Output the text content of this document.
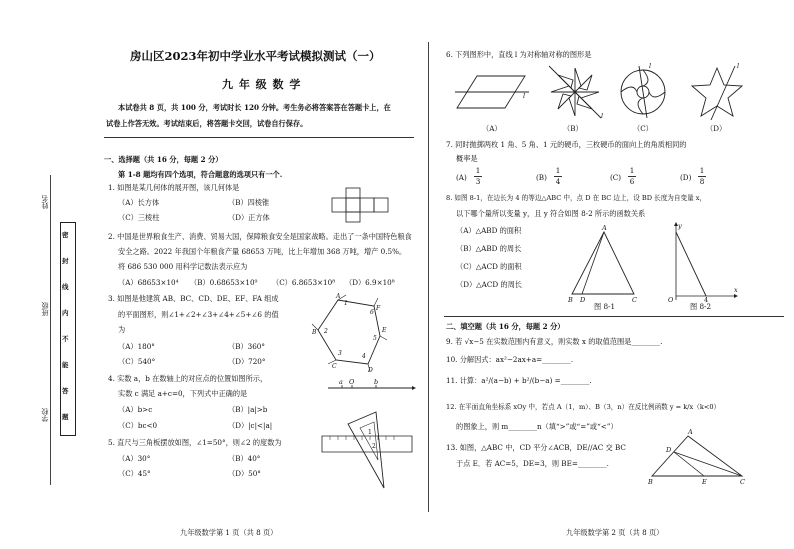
姓名
班级
学校
密
封
线
内
不
能
答
题
房山区2023年初中学业水平考试模拟测试（一）
九 年 级 数 学
本试卷共 8 页，共 100 分，考试时长 120 分钟。考生务必将答案答在答题卡上，在
试卷上作答无效。考试结束后，将答题卡交回，试卷自行保存。
一、选择题（共 16 分，每题 2 分）
第 1-8 题均有四个选项，符合题意的选项只有一个.
1. 如图是某几何体的展开图，该几何体是
（A）长方体	（B）四棱锥
（C）三棱柱	（D）正方体
2. 中国是世界粮食生产、消费、贸易大国，保障粮食安全是国家战略。走出了一条中国特色粮食
安全之路。2022 年我国个年粮食产量 68653 万吨，比上年增加 368 万吨，增产 0.5%。
将 686 530 000 用科学记数法表示应为
（A）68653×10⁴ （B）0.68653×10⁹ （C）6.8653×10⁸ （D）6.9×10⁸
3. 如图是他建筑 AB、BC、CD、DE、EF、FA 组成
的平面图形，则∠1+∠2+∠3+∠4+∠5+∠6 的值
为
（A）180°	（B）360°
（C）540°	（D）720°
A
F
E
D
C
B
1
6
5
4
3
2
4. 实数 a，b 在数轴上的对应点的位置如图所示，
实数 c 满足 a+c=0，下列式中正确的是
（A）b>c	（B）|a|>b
（C）bc<0	（D）|c|<|a|
a O	b
5. 直尺与三角板摆放如图，∠1=50°，则∠2 的度数为
（A）30°	（B）40°
（C）45°	（D）50°
1
2
九年级数学第 1 页（共 8 页）
6. 下列图形中，直线 l 为对称轴对称的图形是
l
l
l	l
（A）	（B）	（C）	（D）
7. 同时抛掷两枚 1 角、5 角、1 元的硬币，三枚硬币的面向上的角质相同的
概率是
(A)
1
3	(B)
1
4	(C)
1
6	(D)
1
8
8. 如图 8-1，在边长为 4 的等边△ABC 中，点 D 在 BC 边上，设 BD 长度为自变量 x，
以下哪个量所以变量 y，且 y 符合如图 8-2 所示的函数关系
（A）△ABD 的面积
（B）△ABD 的周长
（C）△ACD 的面积
（D）△ACD 的周长
A
B D	C
图 8-1
y
x
O	4
图 8-2
二、填空题（共 16 分，每题 2 分）
9. 若 √x−5 在实数范围内有意义，则实数 x 的取值范围是________.
10. 分解因式：ax²−2ax+a=________.
11. 计算：a²/(a−b) + b²/(b−a) =________.
12. 在平面直角坐标系 xOy 中，若点 A（1，m）、B（3，n）在反比例函数 y = k/x（k<0）
的图象上，则 m________n（填“>”或“=”或“<”）
13. 如图，△ABC 中，CD 平分∠ACB，DE//AC 交 BC
于点 E．若 AC=5，DE=3，则 BE=________.
A
D
B	E	C
九年级数学第 2 页（共 8 页）
